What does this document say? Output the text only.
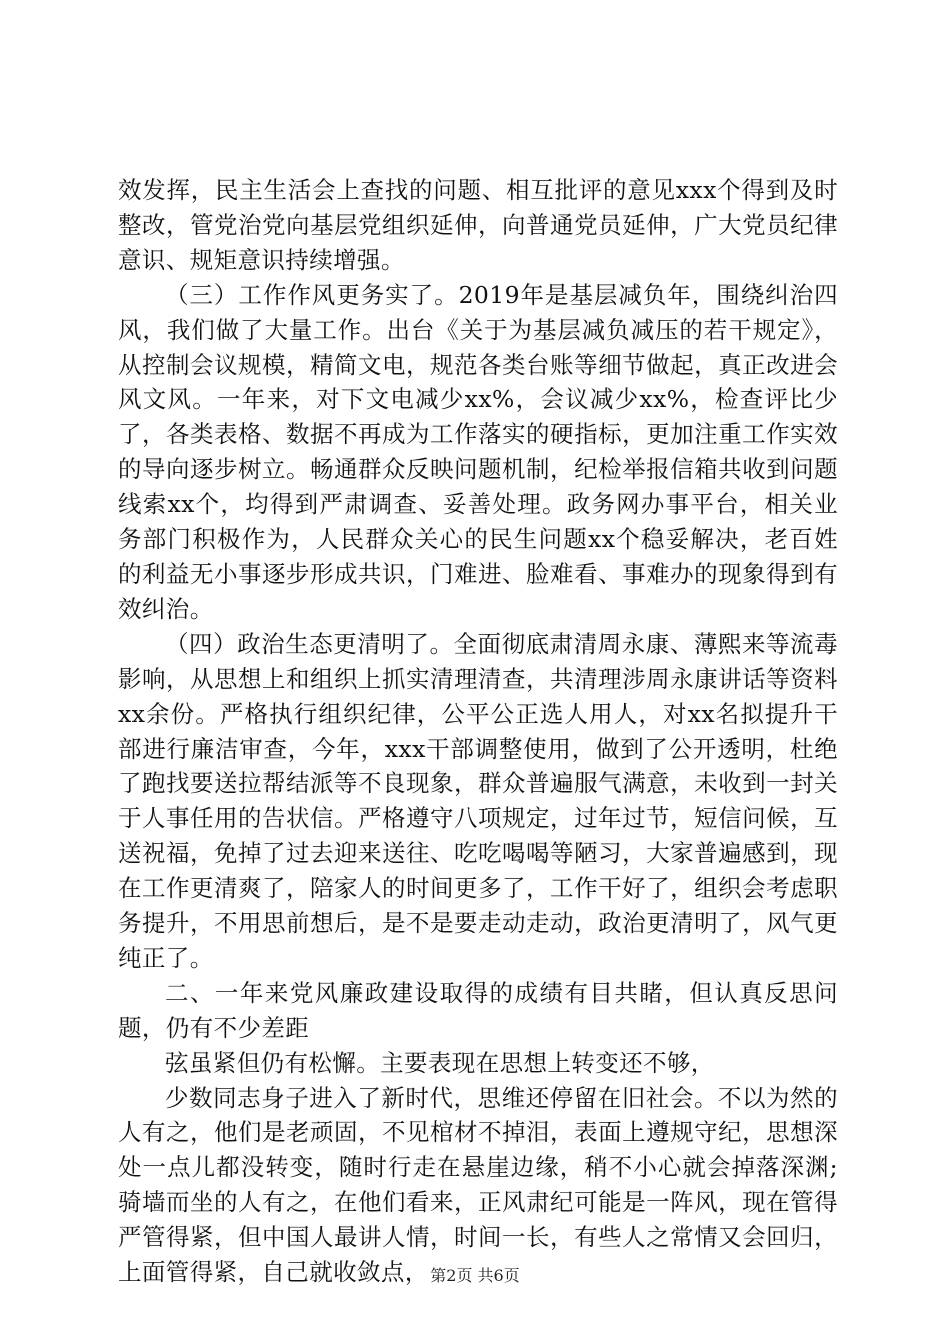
效发挥，民主生活会上查找的问题、相互批评的意见xxx个得到及时整改，管党治党向基层党组织延伸，向普通党员延伸，广大党员纪律意识、规矩意识持续增强。

（三）工作作风更务实了。2019年是基层减负年，围绕纠治四风，我们做了大量工作。出台《关于为基层减负减压的若干规定》，从控制会议规模，精简文电，规范各类台账等细节做起，真正改进会风文风。一年来，对下文电减少xx%，会议减少xx%，检查评比少了，各类表格、数据不再成为工作落实的硬指标，更加注重工作实效的导向逐步树立。畅通群众反映问题机制，纪检举报信箱共收到问题线索xx个，均得到严肃调查、妥善处理。政务网办事平台，相关业务部门积极作为，人民群众关心的民生问题xx个稳妥解决，老百姓的利益无小事逐步形成共识，门难进、脸难看、事难办的现象得到有效纠治。

（四）政治生态更清明了。全面彻底肃清周永康、薄熙来等流毒影响，从思想上和组织上抓实清理清查，共清理涉周永康讲话等资料xx余份。严格执行组织纪律，公平公正选人用人，对xx名拟提升干部进行廉洁审查，今年，xxx干部调整使用，做到了公开透明，杜绝了跑找要送拉帮结派等不良现象，群众普遍服气满意，未收到一封关于人事任用的告状信。严格遵守八项规定，过年过节，短信问候，互送祝福，免掉了过去迎来送往、吃吃喝喝等陋习，大家普遍感到，现在工作更清爽了，陪家人的时间更多了，工作干好了，组织会考虑职务提升，不用思前想后，是不是要走动走动，政治更清明了，风气更纯正了。

二、一年来党风廉政建设取得的成绩有目共睹，但认真反思问题，仍有不少差距

弦虽紧但仍有松懈。主要表现在思想上转变还不够，

少数同志身子进入了新时代，思维还停留在旧社会。不以为然的人有之，他们是老顽固，不见棺材不掉泪，表面上遵规守纪，思想深处一点儿都没转变，随时行走在悬崖边缘，稍不小心就会掉落深渊;骑墙而坐的人有之，在他们看来，正风肃纪可能是一阵风，现在管得严管得紧，但中国人最讲人情，时间一长，有些人之常情又会回归，上面管得紧，自己就收敛点， 第2页 共6页
